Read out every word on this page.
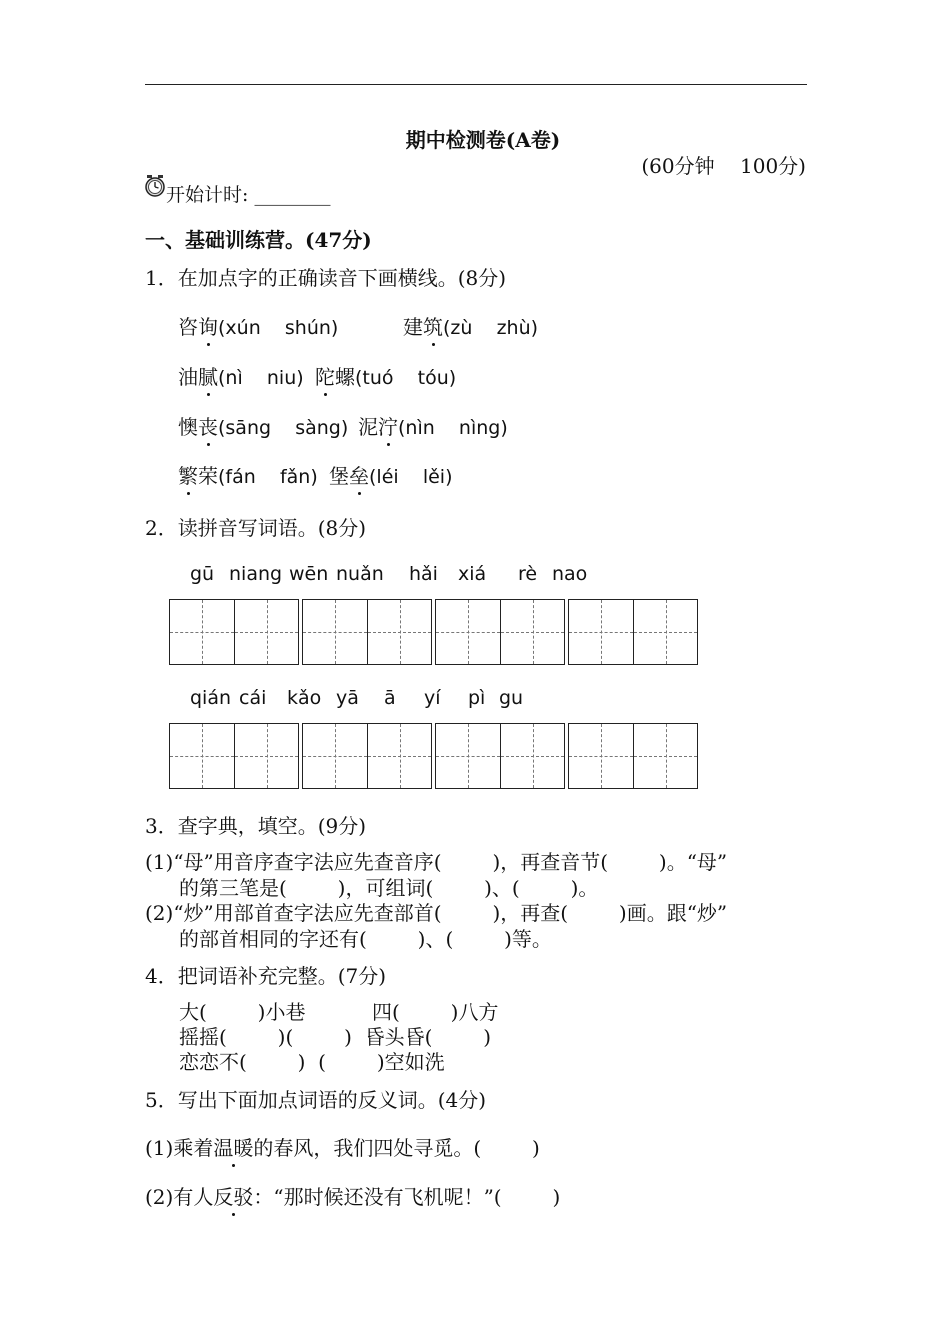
期中检测卷(A卷)
(60分钟    100分)
开始计时: ________
一、基础训练营。(47分)
1．在加点字的正确读音下画横线。(8分)
咨询(xún    shún)	建筑(zù    zhù)
油腻(nì    niu) 陀螺(tuó    tóu)
懊丧(sāng    sàng) 泥泞(nìn    nìng)
繁荣(fán    fǎn) 堡垒(léi    lěi)
2．读拼音写词语。(8分)
gū niang wēn nuǎn hǎi xiá rè nao
qián cái kǎo yā ā yí pì gu
3．查字典，填空。(9分)
(1)“母”用音序查字法应先查音序(        )，再查音节(        )。“母”
的第三笔是(        )，可组词(        )、(        )。
(2)“炒”用部首查字法应先查部首(        )，再查(        )画。跟“炒”
的部首相同的字还有(        )、(        )等。
4．把词语补充完整。(7分)
大(        )小巷	四(        )八方
摇摇(        )(        )  昏头昏(        )
恋恋不(        )  (        )空如洗
5．写出下面加点词语的反义词。(4分)
(1)乘着温暖的春风，我们四处寻觅。(        )
(2)有人反驳：“那时候还没有飞机呢！”(        )
